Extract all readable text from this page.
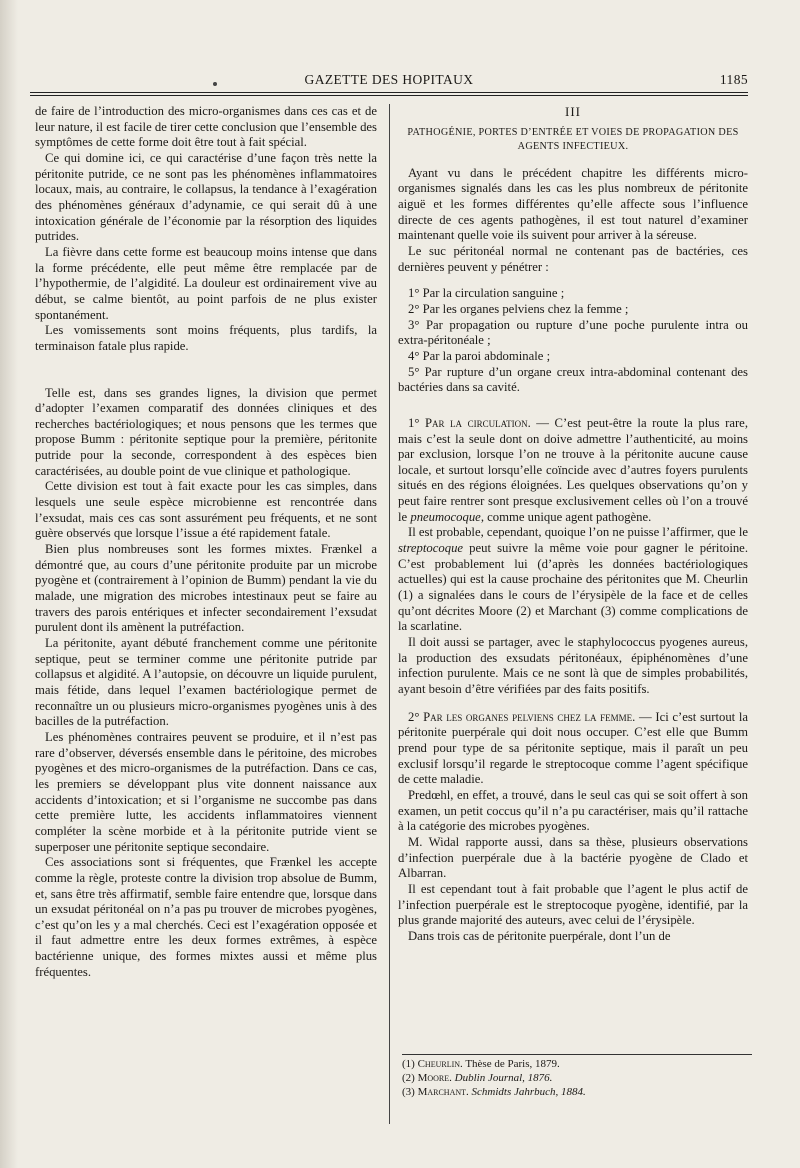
GAZETTE DES HOPITAUX	1185

de faire de l’introduction des micro-organismes dans ces cas et de leur nature, il est facile de tirer cette conclusion que l’ensemble des symptômes de cette forme doit être tout à fait spécial.

Ce qui domine ici, ce qui caractérise d’une façon très nette la péritonite putride, ce ne sont pas les phénomènes inflammatoires locaux, mais, au contraire, le collapsus, la tendance à l’exagération des phénomènes généraux d’adynamie, ce qui serait dû à une intoxication générale de l’économie par la résorption des liquides putrides.

La fièvre dans cette forme est beaucoup moins intense que dans la forme précédente, elle peut même être remplacée par de l’hypothermie, de l’algidité. La douleur est ordinairement vive au début, se calme bientôt, au point parfois de ne plus exister spontanément.

Les vomissements sont moins fréquents, plus tardifs, la terminaison fatale plus rapide.

Telle est, dans ses grandes lignes, la division que permet d’adopter l’examen comparatif des données cliniques et des recherches bactériologiques; et nous pensons que les termes que propose Bumm : péritonite septique pour la première, péritonite putride pour la seconde, correspondent à des espèces bien caractérisées, au double point de vue clinique et pathologique.

Cette division est tout à fait exacte pour les cas simples, dans lesquels une seule espèce microbienne est rencontrée dans l’exsudat, mais ces cas sont assurément peu fréquents, et ne sont guère observés que lorsque l’issue a été rapidement fatale.

Bien plus nombreuses sont les formes mixtes. Frænkel a démontré que, au cours d’une péritonite produite par un microbe pyogène et (contrairement à l’opinion de Bumm) pendant la vie du malade, une migration des microbes intestinaux peut se faire au travers des parois entériques et infecter secondairement l’exsudat purulent dont ils amènent la putréfaction.

La péritonite, ayant débuté franchement comme une péritonite septique, peut se terminer comme une péritonite putride par collapsus et algidité. A l’autopsie, on découvre un liquide purulent, mais fétide, dans lequel l’examen bactériologique permet de reconnaître un ou plusieurs micro-organismes pyogènes unis à des bacilles de la putréfaction.

Les phénomènes contraires peuvent se produire, et il n’est pas rare d’observer, déversés ensemble dans le péritoine, des microbes pyogènes et des micro-organismes de la putréfaction. Dans ce cas, les premiers se développant plus vite donnent naissance aux accidents d’intoxication; et si l’organisme ne succombe pas dans cette première lutte, les accidents inflammatoires viennent compléter la scène morbide et à la péritonite putride vient se superposer une péritonite septique secondaire.

Ces associations sont si fréquentes, que Frænkel les accepte comme la règle, proteste contre la division trop absolue de Bumm, et, sans être très affirmatif, semble faire entendre que, lorsque dans un exsudat péritonéal on n’a pas pu trouver de microbes pyogènes, c’est qu’on les y a mal cherchés. Ceci est l’exagération opposée et il faut admettre entre les deux formes extrêmes, à espèce bactérienne unique, des formes mixtes aussi et même plus fréquentes.

III
PATHOGÉNIE, PORTES D’ENTRÉE ET VOIES DE PROPAGATION DES AGENTS INFECTIEUX.

Ayant vu dans le précédent chapitre les différents micro-organismes signalés dans les cas les plus nombreux de péritonite aiguë et les formes différentes qu’elle affecte sous l’influence directe de ces agents pathogènes, il est tout naturel d’examiner maintenant quelle voie ils suivent pour arriver à la séreuse.

Le suc péritonéal normal ne contenant pas de bactéries, ces dernières peuvent y pénétrer :

1° Par la circulation sanguine ;

2° Par les organes pelviens chez la femme ;

3° Par propagation ou rupture d’une poche purulente intra ou extra-péritonéale ;

4° Par la paroi abdominale ;

5° Par rupture d’un organe creux intra-abdominal contenant des bactéries dans sa cavité.

1° Par la circulation. — C’est peut-être la route la plus rare, mais c’est la seule dont on doive admettre l’authenticité, au moins par exclusion, lorsque l’on ne trouve à la péritonite aucune cause locale, et surtout lorsqu’elle coïncide avec d’autres foyers purulents situés en des régions éloignées. Les quelques observations qu’on y peut faire rentrer sont presque exclusivement celles où l’on a trouvé le pneumocoque, comme unique agent pathogène.

Il est probable, cependant, quoique l’on ne puisse l’affirmer, que le streptocoque peut suivre la même voie pour gagner le péritoine. C’est probablement lui (d’après les données bactériologiques actuelles) qui est la cause prochaine des péritonites que M. Cheurlin (1) a signalées dans le cours de l’érysipèle de la face et de celles qu’ont décrites Moore (2) et Marchant (3) comme complications de la scarlatine.

Il doit aussi se partager, avec le staphylococcus pyogenes aureus, la production des exsudats péritonéaux, épiphénomènes d’une infection purulente. Mais ce ne sont là que de simples probabilités, ayant besoin d’être vérifiées par des faits positifs.

2° Par les organes pelviens chez la femme. — Ici c’est surtout la péritonite puerpérale qui doit nous occuper. C’est elle que Bumm prend pour type de sa péritonite septique, mais il paraît un peu exclusif lorsqu’il regarde le streptocoque comme l’agent spécifique de cette maladie.

Predœhl, en effet, a trouvé, dans le seul cas qui se soit offert à son examen, un petit coccus qu’il n’a pu caractériser, mais qu’il rattache à la catégorie des microbes pyogènes.

M. Widal rapporte aussi, dans sa thèse, plusieurs observations d’infection puerpérale due à la bactérie pyogène de Clado et Albarran.

Il est cependant tout à fait probable que l’agent le plus actif de l’infection puerpérale est le streptocoque pyogène, identifié, par la plus grande majorité des auteurs, avec celui de l’érysipèle.

Dans trois cas de péritonite puerpérale, dont l’un de

(1) Cheurlin. Thèse de Paris, 1879.
(2) Moore. Dublin Journal, 1876.
(3) Marchant. Schmidts Jahrbuch, 1884.
